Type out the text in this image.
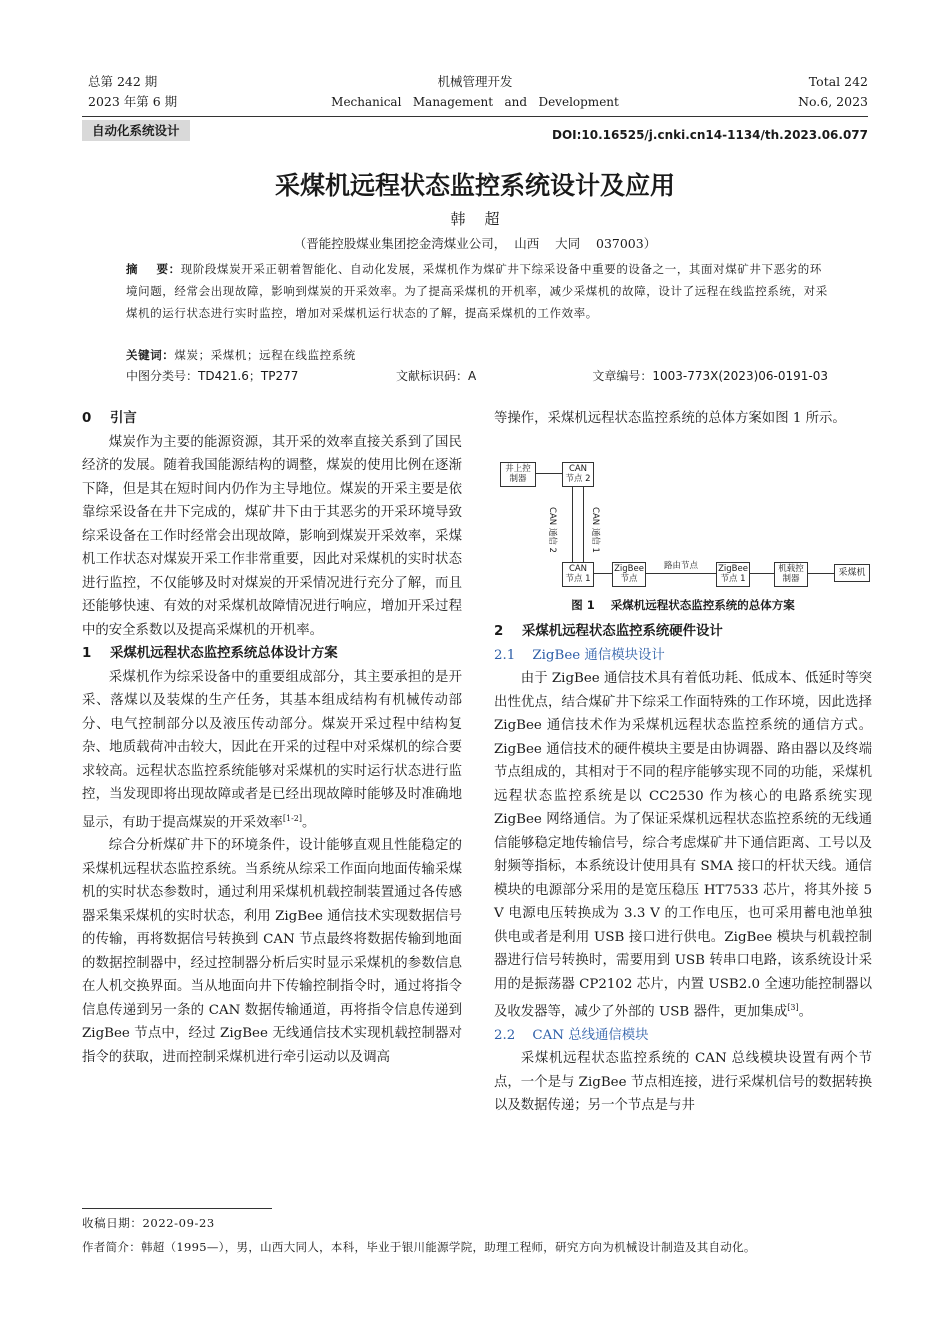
总第 242 期
2023 年第 6 期
机械管理开发
Mechanical   Management   and   Development
Total 242
No.6, 2023
自动化系统设计	DOI:10.16525/j.cnki.cn14-1134/th.2023.06.077
采煤机远程状态监控系统设计及应用
韩    超
（晋能控股煤业集团挖金湾煤业公司，  山西    大同    037003）
摘    要：现阶段煤炭开采正朝着智能化、自动化发展，采煤机作为煤矿井下综采设备中重要的设备之一，其面对煤矿井下恶劣的环境问题，经常会出现故障，影响到煤炭的开采效率。为了提高采煤机的开机率，减少采煤机的故障，设计了远程在线监控系统，对采煤机的运行状态进行实时监控，增加对采煤机运行状态的了解，提高采煤机的工作效率。
关键词：煤炭；采煤机；远程在线监控系统
中图分类号：TD421.6；TP277	文献标识码：A	文章编号：1003-773X(2023)06-0191-03

0    引言

煤炭作为主要的能源资源，其开采的效率直接关系到了国民经济的发展。随着我国能源结构的调整，煤炭的使用比例在逐渐下降，但是其在短时间内仍作为主导地位。煤炭的开采主要是依靠综采设备在井下完成的，煤矿井下由于其恶劣的开采环境导致综采设备在工作时经常会出现故障，影响到煤炭开采效率，采煤机工作状态对煤炭开采工作非常重要，因此对采煤机的实时状态进行监控，不仅能够及时对煤炭的开采情况进行充分了解，而且还能够快速、有效的对采煤机故障情况进行响应，增加开采过程中的安全系数以及提高采煤机的开机率。

1    采煤机远程状态监控系统总体设计方案

采煤机作为综采设备中的重要组成部分，其主要承担的是开采、落煤以及装煤的生产任务，其基本组成结构有机械传动部分、电气控制部分以及液压传动部分。煤炭开采过程中结构复杂、地质载荷冲击较大，因此在开采的过程中对采煤机的综合要求较高。远程状态监控系统能够对采煤机的实时运行状态进行监控，当发现即将出现故障或者是已经出现故障时能够及时准确地显示，有助于提高煤炭的开采效率[1-2]。

综合分析煤矿井下的环境条件，设计能够直观且性能稳定的采煤机远程状态监控系统。当系统从综采工作面向地面传输采煤机的实时状态参数时，通过利用采煤机机载控制装置通过各传感器采集采煤机的实时状态，利用 ZigBee 通信技术实现数据信号的传输，再将数据信号转换到 CAN 节点最终将数据传输到地面的数据控制器中，经过控制器分析后实时显示采煤机的参数信息在人机交换界面。当从地面向井下传输控制指令时，通过将指令信息传递到另一条的 CAN 数据传输通道，再将指令信息传递到 ZigBee 节点中，经过 ZigBee 无线通信技术实现机载控制器对指令的获取，进而控制采煤机进行牵引运动以及调高

等操作，采煤机远程状态监控系统的总体方案如图 1 所示。

井上控
制器
CAN
节点 2
CAN
节点 1
ZigBee
节点
ZigBee
节点 1
机载控
制器
采煤机
CAN 通信 2	CAN 通信 1
路由节点
图 1    采煤机远程状态监控系统的总体方案

2    采煤机远程状态监控系统硬件设计

2.1    ZigBee 通信模块设计

由于 ZigBee 通信技术具有着低功耗、低成本、低延时等突出性优点，结合煤矿井下综采工作面特殊的工作环境，因此选择 ZigBee 通信技术作为采煤机远程状态监控系统的通信方式。ZigBee 通信技术的硬件模块主要是由协调器、路由器以及终端节点组成的，其相对于不同的程序能够实现不同的功能，采煤机远程状态监控系统是以 CC2530 作为核心的电路系统实现 ZigBee 网络通信。为了保证采煤机远程状态监控系统的无线通信能够稳定地传输信号，综合考虑煤矿井下通信距离、工号以及射频等指标，本系统设计使用具有 SMA 接口的杆状天线。通信模块的电源部分采用的是宽压稳压 HT7533 芯片，将其外接 5 V 电源电压转换成为 3.3 V 的工作电压，也可采用蓄电池单独供电或者是利用 USB 接口进行供电。ZigBee 模块与机载控制器进行信号转换时，需要用到 USB 转串口电路，该系统设计采用的是振荡器 CP2102 芯片，内置 USB2.0 全速功能控制器以及收发器等，减少了外部的 USB 器件，更加集成[3]。

2.2    CAN 总线通信模块

采煤机远程状态监控系统的 CAN 总线模块设置有两个节点，一个是与 ZigBee 节点相连接，进行采煤机信号的数据转换以及数据传递；另一个节点是与井

收稿日期：2022-09-23
作者简介：韩超（1995—），男，山西大同人，本科，毕业于银川能源学院，助理工程师，研究方向为机械设计制造及其自动化。
